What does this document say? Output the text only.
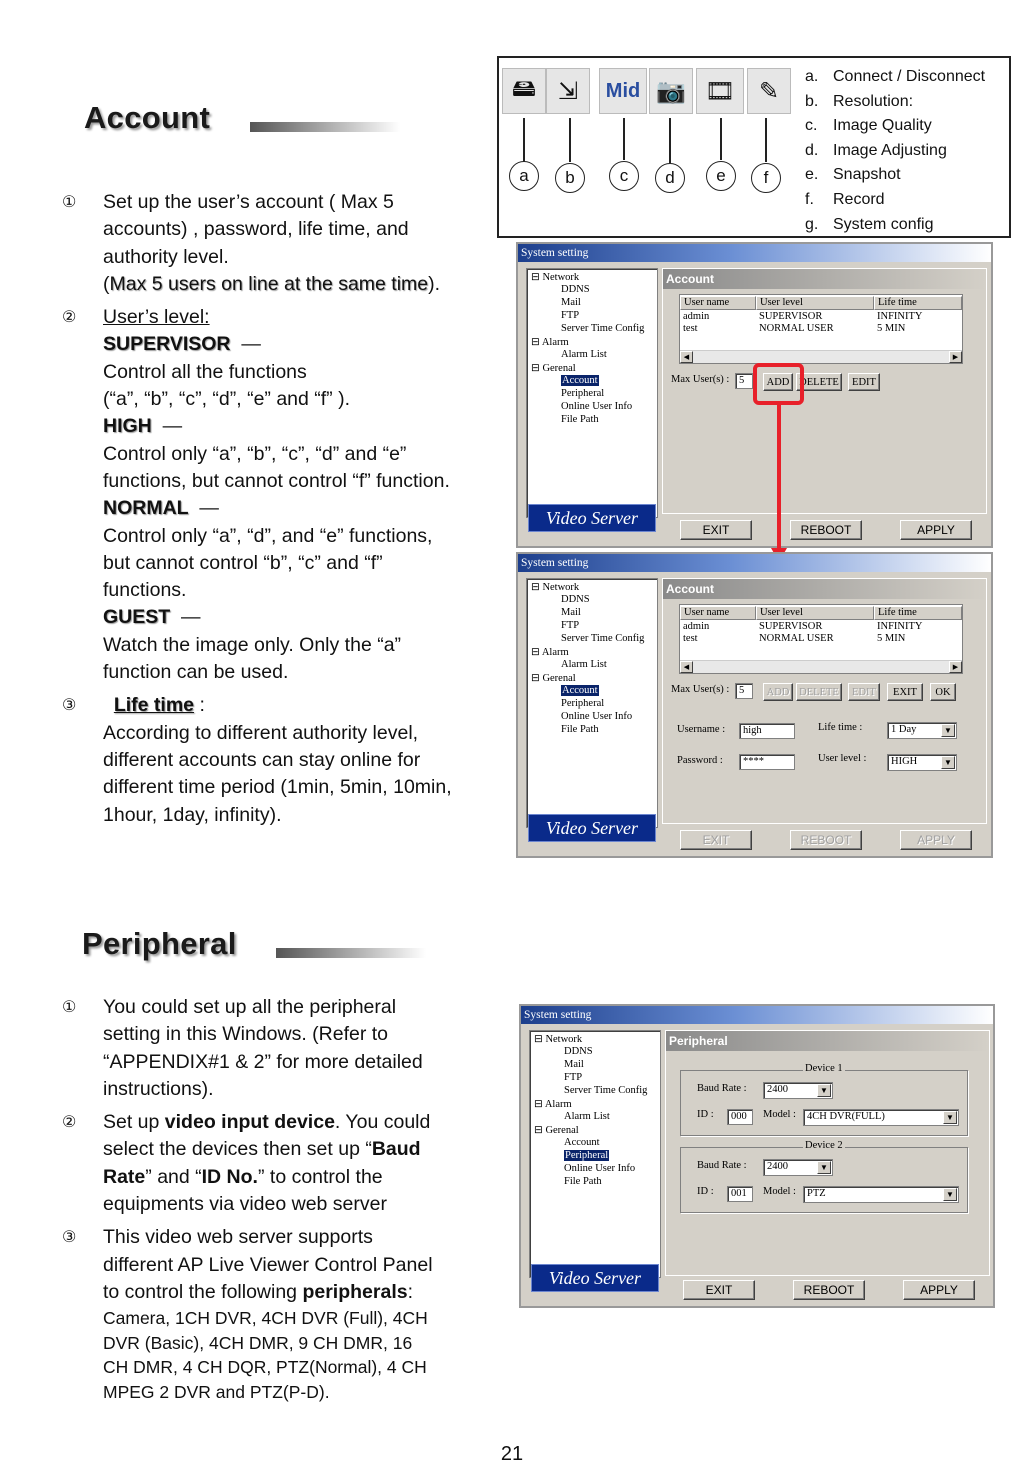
Account
① Set up the user’s account ( Max 5
accounts) , password, life time, and
authority level.
(Max 5 users on line at the same time).
② User’s level:
SUPERVISOR —
Control all the functions
(“a”, “b”, “c”, “d”, “e” and “f” ).
HIGH —
Control only “a”, “b”, “c”, “d” and “e”
functions, but cannot control “f” function.
NORMAL —
Control only “a”, “d”, and “e” functions,
but cannot control “b”, “c” and “f”
functions.
GUEST —
Watch the image only. Only the “a”
function can be used.
③	Life time :
According to different authority level,
different accounts can stay online for
different time period (1min, 5min, 10min,
1hour, 1day, infinity).
🖴 ⇲	Mid 📷 🎞 ✎
a	b	c	d	e	f
a. Connect / Disconnect
b. Resolution:
c. Image Quality
d. Image Adjusting
e. Snapshot
f. Record
g. System config
System setting
⊟ Network
DDNS
Mail
FTP
Server Time Config
⊟ Alarm
Alarm List
⊟ Gerenal
Account
Peripheral
Online User Info
File Path
Video Server
Account
User name	User level	Life time
admin	SUPERVISOR	INFINITY
test	NORMAL USER	5 MIN
◀	▶
Max User(s) : 5	ADD DELETE	EDIT
EXIT	REBOOT	APPLY
System setting
⊟ Network
DDNS
Mail
FTP
Server Time Config
⊟ Alarm
Alarm List
⊟ Gerenal
Account
Peripheral
Online User Info
File Path
Video Server
Account
User name	User level	Life time
admin	SUPERVISOR	INFINITY
test	NORMAL USER	5 MIN
◀	▶
Max User(s) : 5	ADD DELETE	EDIT	EXIT	OK
Username :	high
Password :	****
Life time :	1 Day	▼
User level :	HIGH	▼
EXIT	REBOOT	APPLY
Peripheral
① You could set up all the peripheral
setting in this Windows. (Refer to
“APPENDIX#1 & 2” for more detailed
instructions).
② Set up video input device. You could
select the devices then set up “Baud
Rate” and “ID No.” to control the
equipments via video web server
③ This video web server supports
different AP Live Viewer Control Panel
to control the following peripherals:
Camera, 1CH DVR, 4CH DVR (Full), 4CH
DVR (Basic), 4CH DMR, 9 CH DMR, 16
CH DMR, 4 CH DQR, PTZ(Normal), 4 CH
MPEG 2 DVR and PTZ(P-D).
System setting
⊟ Network
DDNS
Mail
FTP
Server Time Config
⊟ Alarm
Alarm List
⊟ Gerenal
Account
Peripheral
Online User Info
File Path
Video Server
Peripheral
Device 1
Baud Rate :	2400	▼
ID :	000	Model :	4CH DVR(FULL)	▼
Device 2
Baud Rate :	2400	▼
ID :	001	Model :	PTZ	▼
EXIT	REBOOT	APPLY
21
